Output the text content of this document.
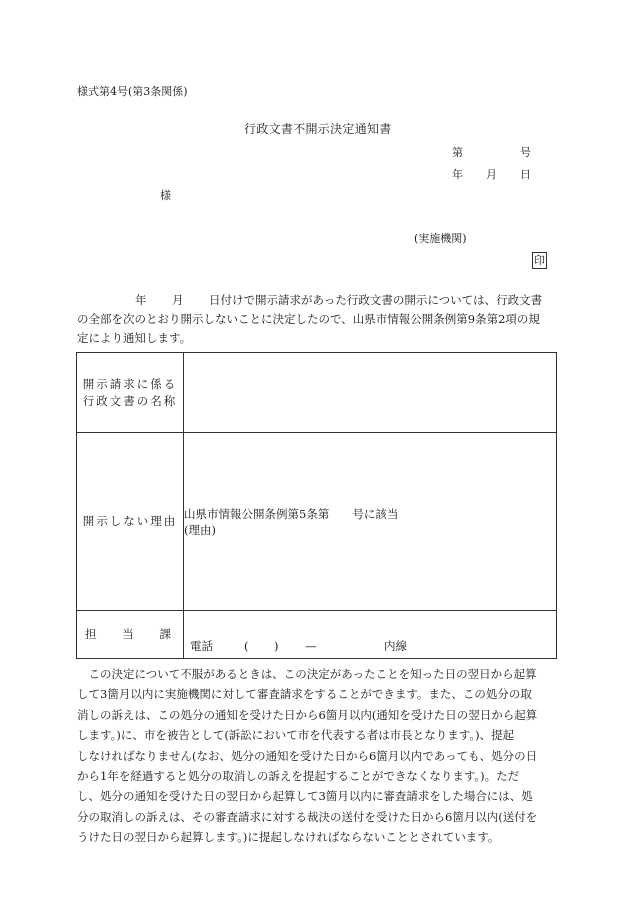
様式第4号(第3条関係)
行政文書不開示決定通知書
第	号
年 月 日
様
(実施機関)
印
年 月 日付けで開示請求があった行政文書の開示については、行政文書
の全部を次のとおり開示しないことに決定したので、山県市情報公開条例第9条第2項の規
定により通知します。
開示請求に係る
行政文書の名称	

開示しない理由	山県市情報公開条例第5条第　　号に該当
(理由)

担 当 課	電話 ( ) — 内線
　この決定について不服があるときは、この決定があったことを知った日の翌日から起算
して3箇月以内に実施機関に対して審査請求をすることができます。また、この処分の取
消しの訴えは、この処分の通知を受けた日から6箇月以内(通知を受けた日の翌日から起算
します。)に、市を被告として(訴訟において市を代表する者は市長となります。)、提起
しなければなりません(なお、処分の通知を受けた日から6箇月以内であっても、処分の日
から1年を経過すると処分の取消しの訴えを提起することができなくなります。)。ただ
し、処分の通知を受けた日の翌日から起算して3箇月以内に審査請求をした場合には、処
分の取消しの訴えは、その審査請求に対する裁決の送付を受けた日から6箇月以内(送付を
うけた日の翌日から起算します。)に提起しなければならないこととされています。
